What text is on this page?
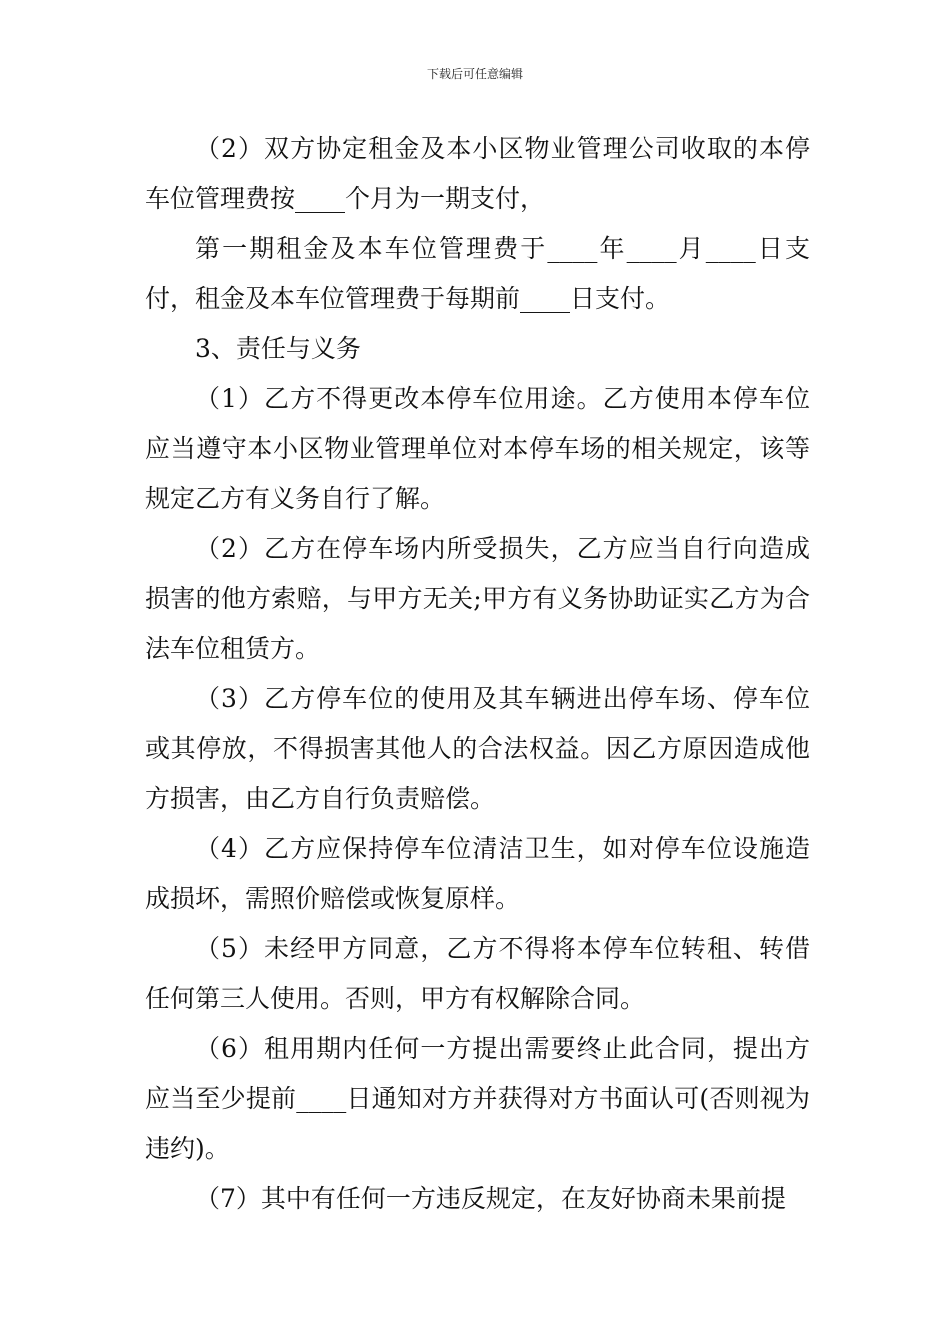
下载后可任意编辑

（2）双方协定租金及本小区物业管理公司收取的本停车位管理费按____个月为一期支付，

第一期租金及本车位管理费于____年____月____日支付，租金及本车位管理费于每期前____日支付。

3、责任与义务

（1）乙方不得更改本停车位用途。乙方使用本停车位应当遵守本小区物业管理单位对本停车场的相关规定，该等规定乙方有义务自行了解。

（2）乙方在停车场内所受损失，乙方应当自行向造成损害的他方索赔，与甲方无关;甲方有义务协助证实乙方为合法车位租赁方。

（3）乙方停车位的使用及其车辆进出停车场、停车位或其停放，不得损害其他人的合法权益。因乙方原因造成他方损害，由乙方自行负责赔偿。

（4）乙方应保持停车位清洁卫生，如对停车位设施造成损坏，需照价赔偿或恢复原样。

（5）未经甲方同意，乙方不得将本停车位转租、转借任何第三人使用。否则，甲方有权解除合同。

（6）租用期内任何一方提出需要终止此合同，提出方应当至少提前____日通知对方并获得对方书面认可(否则视为违约)。

（7）其中有任何一方违反规定，在友好协商未果前提
